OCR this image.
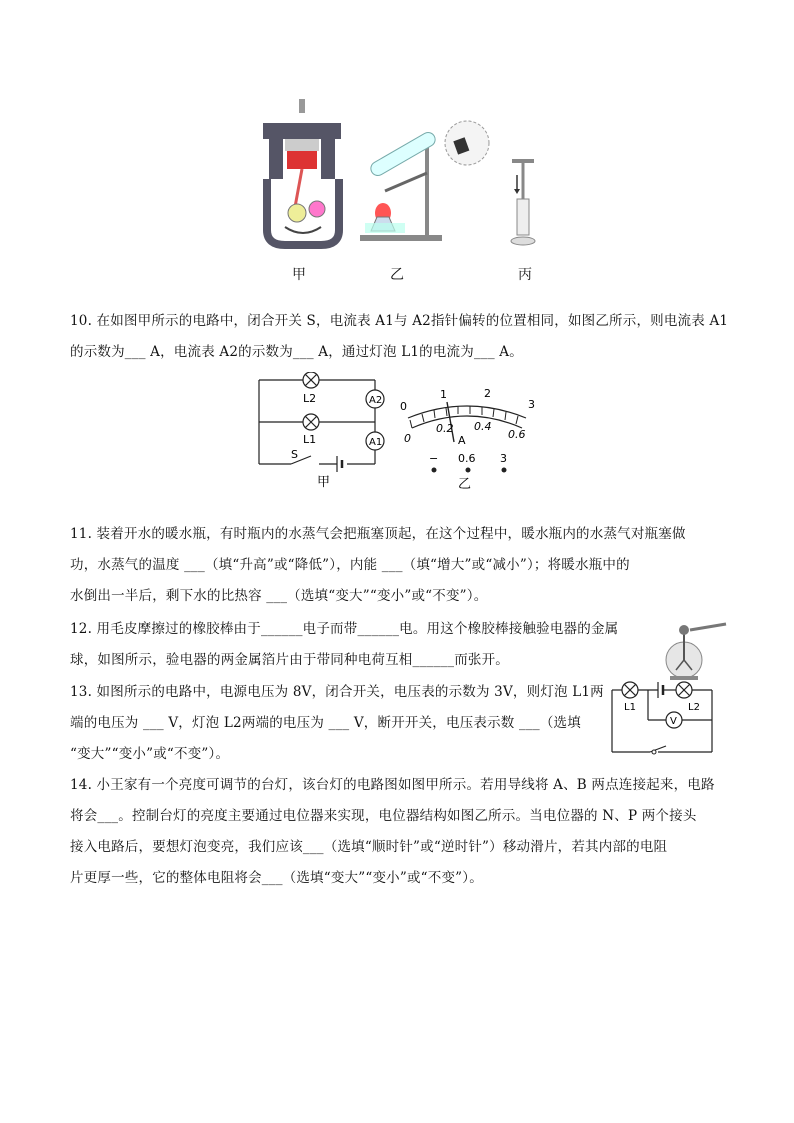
甲	乙	丙
10. 在如图甲所示的电路中，闭合开关 S，电流表 A1与 A2指针偏转的位置相同，如图乙所示，则电流表 A1
的示数为___ A，电流表 A2的示数为___ A，通过灯泡 L1的电流为___ A。
L2
L1
A2
A1
S
甲
0
1	2
3
0
0.2 0.4
0.6
A
− 0.6 3
乙
11. 装着开水的暖水瓶，有时瓶内的水蒸气会把瓶塞顶起，在这个过程中，暖水瓶内的水蒸气对瓶塞做
功，水蒸气的温度 ___（填“升高”或“降低”），内能 ___（填“增大”或“减小”）；将暖水瓶中的
水倒出一半后，剩下水的比热容 ___（选填“变大”“变小”或“不变”）。
12. 用毛皮摩擦过的橡胶棒由于______电子而带______电。用这个橡胶棒接触验电器的金属
球，如图所示，验电器的两金属箔片由于带同种电荷互相______而张开。
13. 如图所示的电路中，电源电压为 8V，闭合开关，电压表的示数为 3V，则灯泡 L1两
端的电压为 ___ V，灯泡 L2两端的电压为 ___ V，断开开关，电压表示数 ___（选填
“变大”“变小”或“不变”）。
L1	L2
V
14. 小王家有一个亮度可调节的台灯，该台灯的电路图如图甲所示。若用导线将 A、B 两点连接起来，电路
将会___。控制台灯的亮度主要通过电位器来实现，电位器结构如图乙所示。当电位器的 N、P 两个接头
接入电路后，要想灯泡变亮，我们应该___（选填“顺时针”或“逆时针”）移动滑片，若其内部的电阻
片更厚一些，它的整体电阻将会___（选填“变大”“变小”或“不变”）。
